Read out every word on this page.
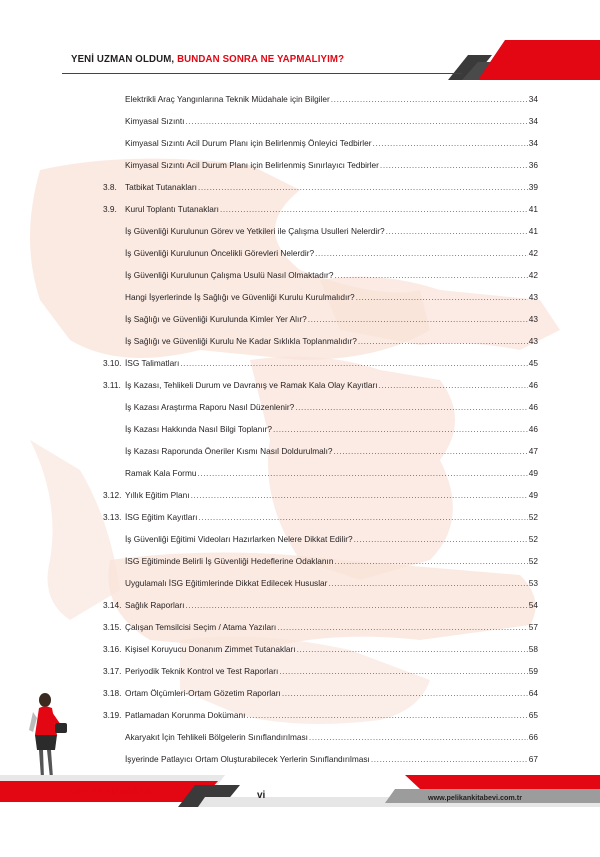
YENİ UZMAN OLDUM, BUNDAN SONRA NE YAPMALIYIM?
Elektrikli Araç Yangınlarına Teknik Müdahale için Bilgiler .....	34
Kimyasal Sızıntı .....	34
Kimyasal Sızıntı Acil Durum Planı için Belirlenmiş Önleyici Tedbirler .....	34
Kimyasal Sızıntı Acil Durum Planı için Belirlenmiş Sınırlayıcı Tedbirler .....	36
3.8. Tatbikat Tutanakları .....	39
3.9. Kurul Toplantı Tutanakları .....	41
İş Güvenliği Kurulunun Görev ve Yetkileri ile Çalışma Usulleri Nelerdir? .....	41
İş Güvenliği Kurulunun Öncelikli Görevleri Nelerdir? .....	42
İş Güvenliği Kurulunun Çalışma Usulü Nasıl Olmaktadır? .....	42
Hangi İşyerlerinde İş Sağlığı ve Güvenliği Kurulu Kurulmalıdır? .....	43
İş Sağlığı ve Güvenliği Kurulunda Kimler Yer Alır? .....	43
İş Sağlığı ve Güvenliği Kurulu Ne Kadar Sıklıkla Toplanmalıdır? .....	43
3.10. İSG Talimatları .....	45
3.11. İş Kazası, Tehlikeli Durum ve Davranış ve Ramak Kala Olay Kayıtları .....	46
İş Kazası Araştırma Raporu Nasıl Düzenlenir? .....	46
İş Kazası Hakkında Nasıl Bilgi Toplanır? .....	46
İş Kazası Raporunda Öneriler Kısmı Nasıl Doldurulmalı? .....	47
Ramak Kala Formu .....	49
3.12. Yıllık Eğitim Planı .....	49
3.13. İSG Eğitim Kayıtları .....	52
İş Güvenliği Eğitimi Videoları Hazırlarken Nelere Dikkat Edilir? .....	52
İSG Eğitiminde Belirli İş Güvenliği Hedeflerine Odaklanın .....	52
Uygulamalı İSG Eğitimlerinde Dikkat Edilecek Hususlar .....	53
3.14. Sağlık Raporları .....	54
3.15. Çalışan Temsilcisi Seçim / Atama Yazıları .....	57
3.16. Kişisel Koruyucu Donanım Zimmet Tutanakları .....	58
3.17. Periyodik Teknik Kontrol ve Test Raporları .....	59
3.18. Ortam Ölçümleri-Ortam Gözetim Raporları .....	64
3.19. Patlamadan Korunma Dokümanı .....	65
Akaryakıt İçin Tehlikeli Bölgelerin Sınıflandırılması .....	66
İşyerinde Patlayıcı Ortam Oluşturabilecek Yerlerin Sınıflandırılması .....	67
HAKAN ERDOĞAN	vi	www.pelikankitabevi.com.tr
